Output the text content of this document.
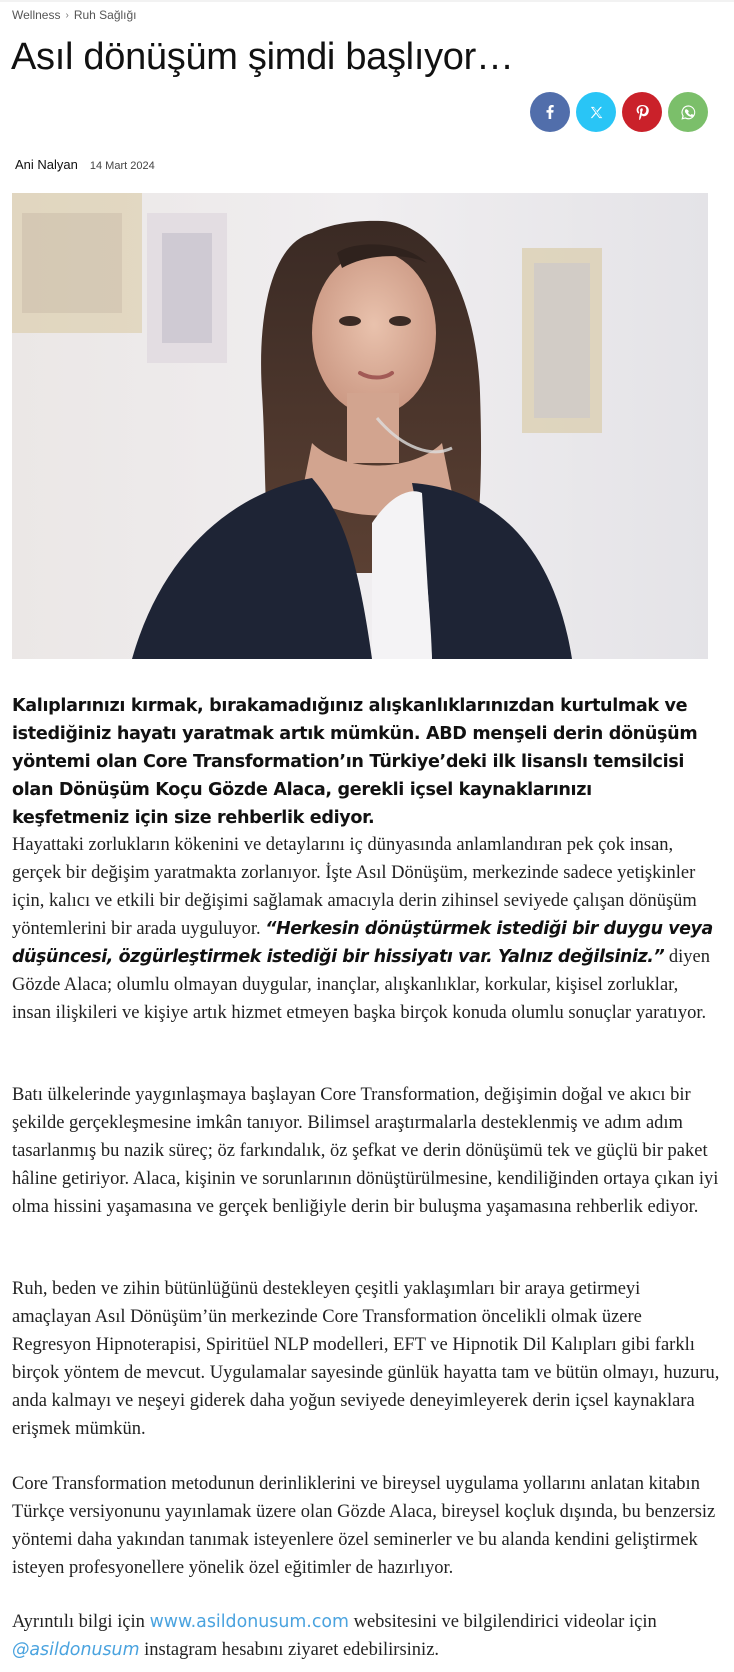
Wellness › Ruh Sağlığı
Asıl dönüşüm şimdi başlıyor…
Ani Nalyan 14 Mart 2024

Kalıplarınızı kırmak, bırakamadığınız alışkanlıklarınızdan kurtulmak ve istediğiniz hayatı yaratmak artık mümkün. ABD menşeli derin dönüşüm yöntemi olan Core Transformation’ın Türkiye’deki ilk lisanslı temsilcisi olan Dönüşüm Koçu Gözde Alaca, gerekli içsel kaynaklarınızı keşfetmeniz için size rehberlik ediyor.

Hayattaki zorlukların kökenini ve detaylarını iç dünyasında anlamlandıran pek çok insan, gerçek bir değişim yaratmakta zorlanıyor. İşte Asıl Dönüşüm, merkezinde sadece yetişkinler için, kalıcı ve etkili bir değişimi sağlamak amacıyla derin zihinsel seviyede çalışan dönüşüm yöntemlerini bir arada uyguluyor. “Herkesin dönüştürmek istediği bir duygu veya düşüncesi, özgürleştirmek istediği bir hissiyatı var. Yalnız değilsiniz.” diyen Gözde Alaca; olumlu olmayan duygular, inançlar, alışkanlıklar, korkular, kişisel zorluklar, insan ilişkileri ve kişiye artık hizmet etmeyen başka birçok konuda olumlu sonuçlar yaratıyor.

Batı ülkelerinde yaygınlaşmaya başlayan Core Transformation, değişimin doğal ve akıcı bir şekilde gerçekleşmesine imkân tanıyor. Bilimsel araştırmalarla desteklenmiş ve adım adım tasarlanmış bu nazik süreç; öz farkındalık, öz şefkat ve derin dönüşümü tek ve güçlü bir paket hâline getiriyor. Alaca, kişinin ve sorunlarının dönüştürülmesine, kendiliğinden ortaya çıkan iyi olma hissini yaşamasına ve gerçek benliğiyle derin bir buluşma yaşamasına rehberlik ediyor.

Ruh, beden ve zihin bütünlüğünü destekleyen çeşitli yaklaşımları bir araya getirmeyi amaçlayan Asıl Dönüşüm’ün merkezinde Core Transformation öncelikli olmak üzere Regresyon Hipnoterapisi, Spiritüel NLP modelleri, EFT ve Hipnotik Dil Kalıpları gibi farklı birçok yöntem de mevcut. Uygulamalar sayesinde günlük hayatta tam ve bütün olmayı, huzuru, anda kalmayı ve neşeyi giderek daha yoğun seviyede deneyimleyerek derin içsel kaynaklara erişmek mümkün.

Core Transformation metodunun derinliklerini ve bireysel uygulama yollarını anlatan kitabın Türkçe versiyonunu yayınlamak üzere olan Gözde Alaca, bireysel koçluk dışında, bu benzersiz yöntemi daha yakından tanımak isteyenlere özel seminerler ve bu alanda kendini geliştirmek isteyen profesyonellere yönelik özel eğitimler de hazırlıyor.

Ayrıntılı bilgi için www.asildonusum.com websitesini ve bilgilendirici videolar için @asildonusum instagram hesabını ziyaret edebilirsiniz.
